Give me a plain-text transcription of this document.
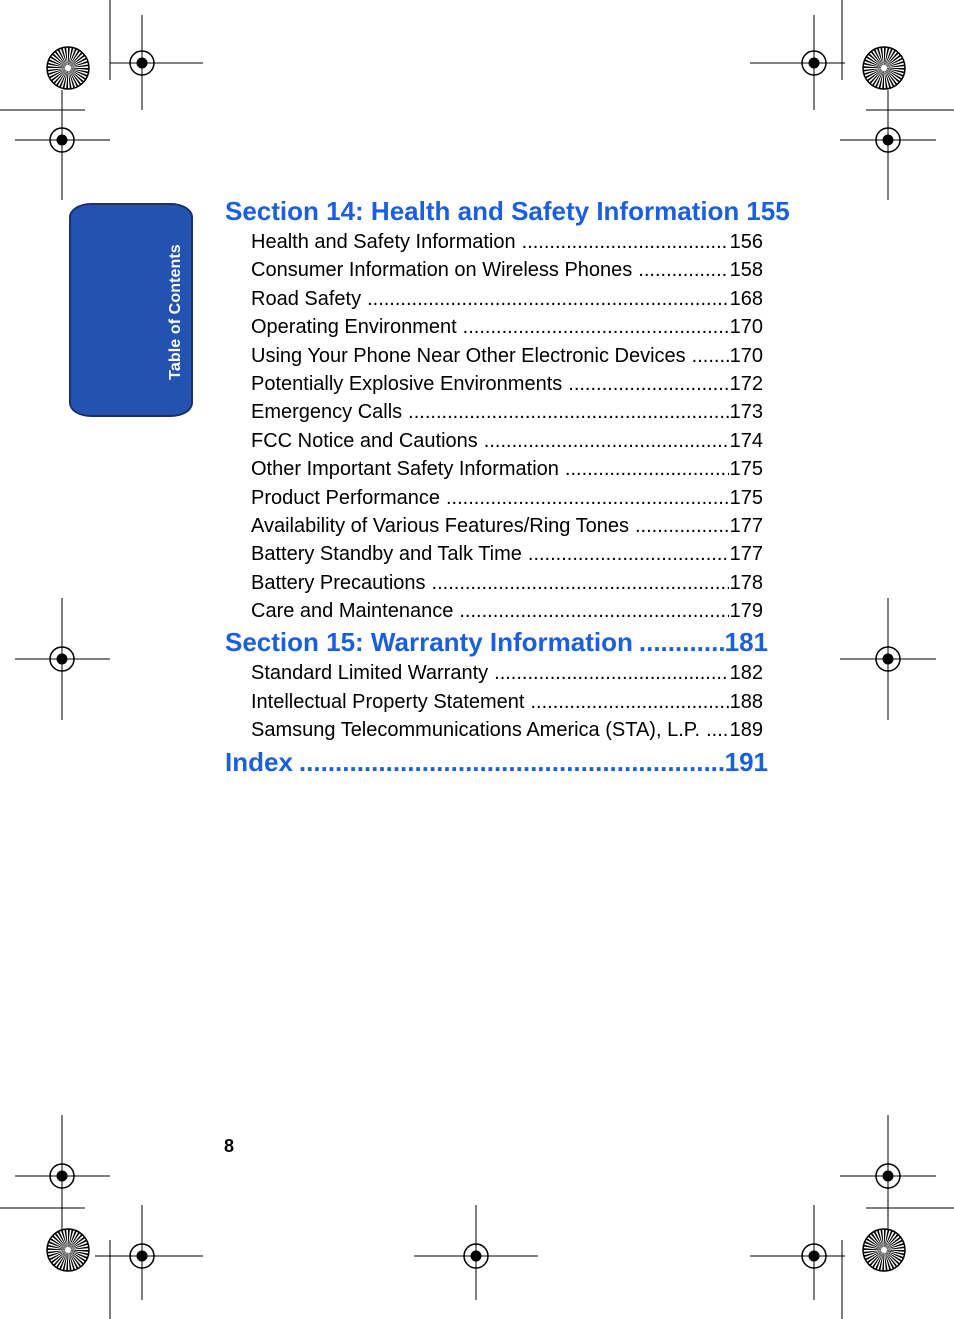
Table of Contents
Section 14: Health and Safety Information 155
Health and Safety Information .....	156
Consumer Information on Wireless Phones .....	158
Road Safety .....	168
Operating Environment .....	170
Using Your Phone Near Other Electronic Devices ..... 170
Potentially Explosive Environments .....	172
Emergency Calls .....	173
FCC Notice and Cautions .....	174
Other Important Safety Information .....	175
Product Performance .....	175
Availability of Various Features/Ring Tones .....	177
Battery Standby and Talk Time .....	177
Battery Precautions .....	178
Care and Maintenance .....	179
Section 15: Warranty Information .....	181
Standard Limited Warranty .....	182
Intellectual Property Statement .....	188
Samsung Telecommunications America (STA), L.P. ..... 189
Index .....	191
8
